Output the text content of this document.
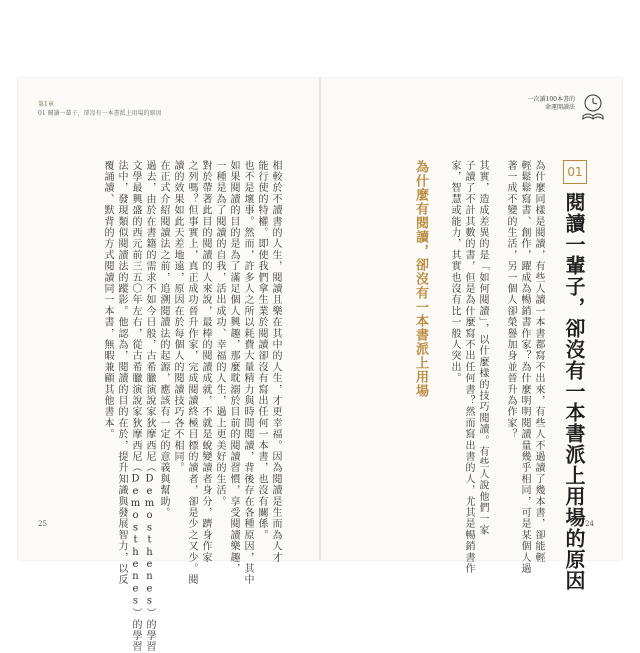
第1章
01 閱讀一輩子，卻沒有一本書派上用場的原因
一次讀100本書的
命運開讀法
01
閱讀一輩子，卻沒有一本書派上用場的原因
為什麼同樣是閱讀，有些人讀一本書都寫不出來，有些人不過讀了幾本書，卻能輕
輕鬆鬆寫書、創作，躍成為暢銷書作家？為什麼明明閱讀量幾乎相同，可是某個人過
著一成不變的生活，另一個人卻榮譽加身並晉升為作家？
其實，造成差異的是「如何閱讀」，以什麼樣的技巧閱讀。有些人說他們一家
子讀了不計其數的書，但是為什麼寫不出任何書？然而寫出書的人，尤其是暢銷書作
家，智慧或能力，其實也沒有比一般人突出。
為什麼有閱讀，卻沒有一本書派上用場
24
相較於不讀書的人生，閱讀且樂在其中的人生，才更幸福。因為閱讀是生而為人才
能行使的特權。即使我們拿生業於閱讀卻沒有寫出任何一本書，也沒有關係。
也不是壞事。然而，許多人之所以耗費大量精力與時間閱讀，背後存在各種原因，其中
如果閱讀的目的是為了滿足個人興趣，那麼耽溺於目前的閱讀習慣，享受閱讀樂趣，
一種是為了閱讀的自我，活出成功、幸福的人生，過上更美好的生活。
對於帶著此目的閱讀的人來說，最棒的閱讀成就，不就是蛻變讀者身分，躋身作家
之列嗎？但事實上，真正成功晉升作家，完成閱讀終極目標的讀者，卻是少之又少。閱
讀的效果如此天差地遠，原因在於每個人的閱讀技巧各不相同。
在正式介紹閱讀法之前，追溯閱讀法的起源，應該有一定的意義與幫助。
過去，由於在書籍的需求不如今日般，古希臘演說家狄摩西尼（Demosthenes）的學習
文學最興盛的西元前三五〇年左右，從古希臘演說家狄摩西尼（Demosthenes）的學習
法中，發現類似閱讀法的蹤影。他認為，閱讀的目的在於，提升知識與發展智力，以反
覆誦讀、默背的方式閱讀同一本書，無暇兼顧其他書本。
25
